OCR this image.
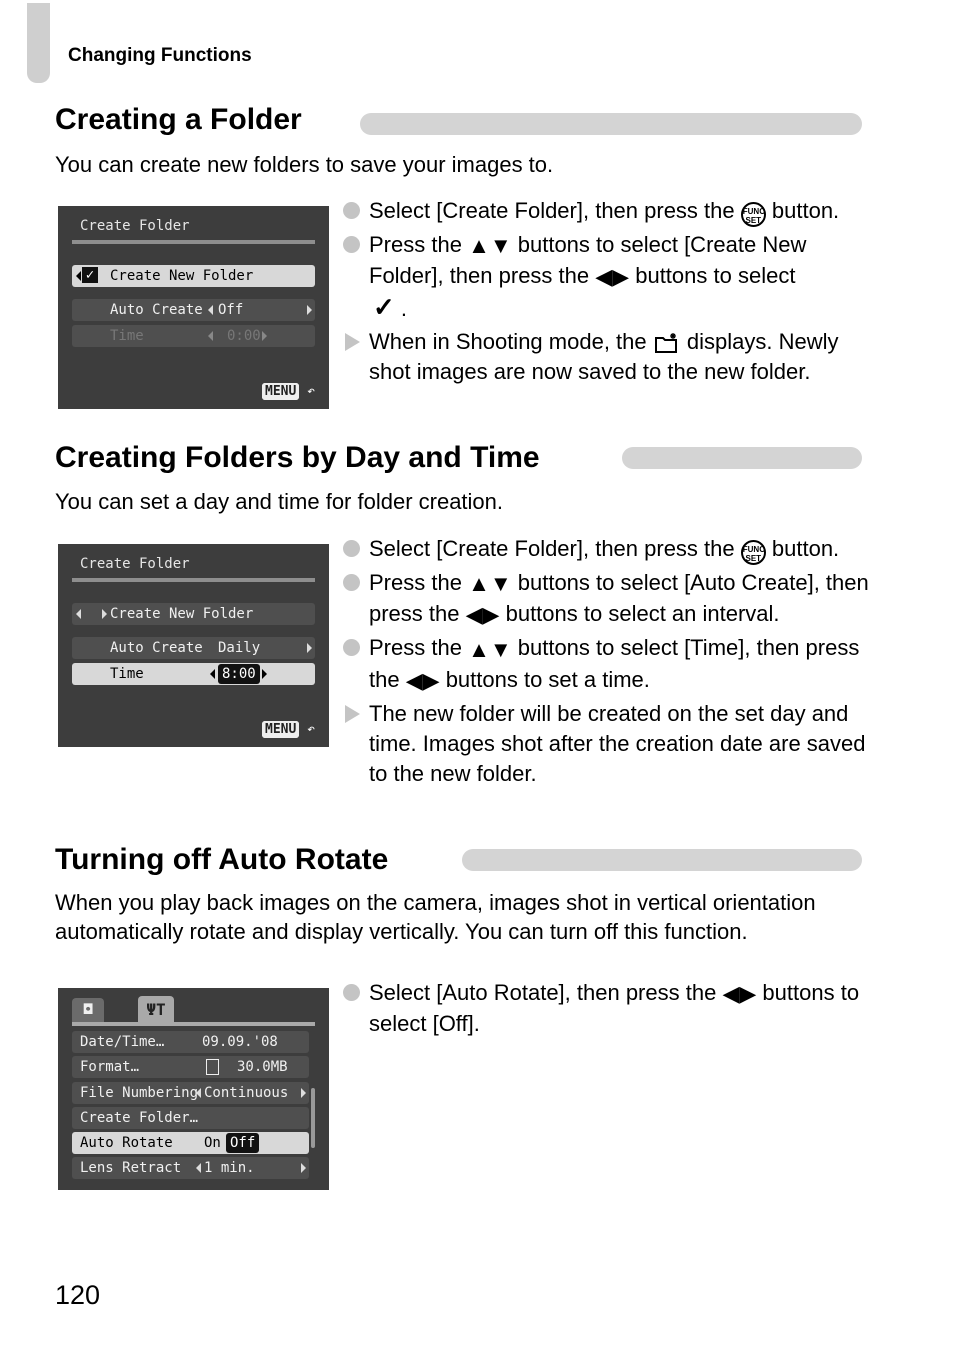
Changing Functions
Creating a Folder
You can create new folders to save your images to.
Create Folder
✓ Create New Folder
Auto Create Off
Time	0:00
MENU ↶
Select [Create Folder], then press the FUNC
SET button.
Press the ▲▼ buttons to select [Create New Folder], then press the ◀▶ buttons to select
✓ .
When in Shooting mode, the displays. Newly shot images are now saved to the new folder.
Creating Folders by Day and Time
You can set a day and time for folder creation.
Create Folder
Create New Folder
Auto Create Daily
Time	8:00
MENU ↶
Select [Create Folder], then press the FUNC
SET button.
Press the ▲▼ buttons to select [Auto Create], then press the ◀▶ buttons to select an interval.
Press the ▲▼ buttons to select [Time], then press the ◀▶ buttons to set a time.
The new folder will be created on the set day and time. Images shot after the creation date are saved to the new folder.
Turning off Auto Rotate
When you play back images on the camera, images shot in vertical orientation automatically rotate and display vertically. You can turn off this function.
◘	ΨT
Date/Time…	09.09.'08
Format…	30.0MB
File Numbering Continuous
Create Folder…
Auto Rotate On Off
Lens Retract 1 min.
Select [Auto Rotate], then press the ◀▶ buttons to select [Off].
120
